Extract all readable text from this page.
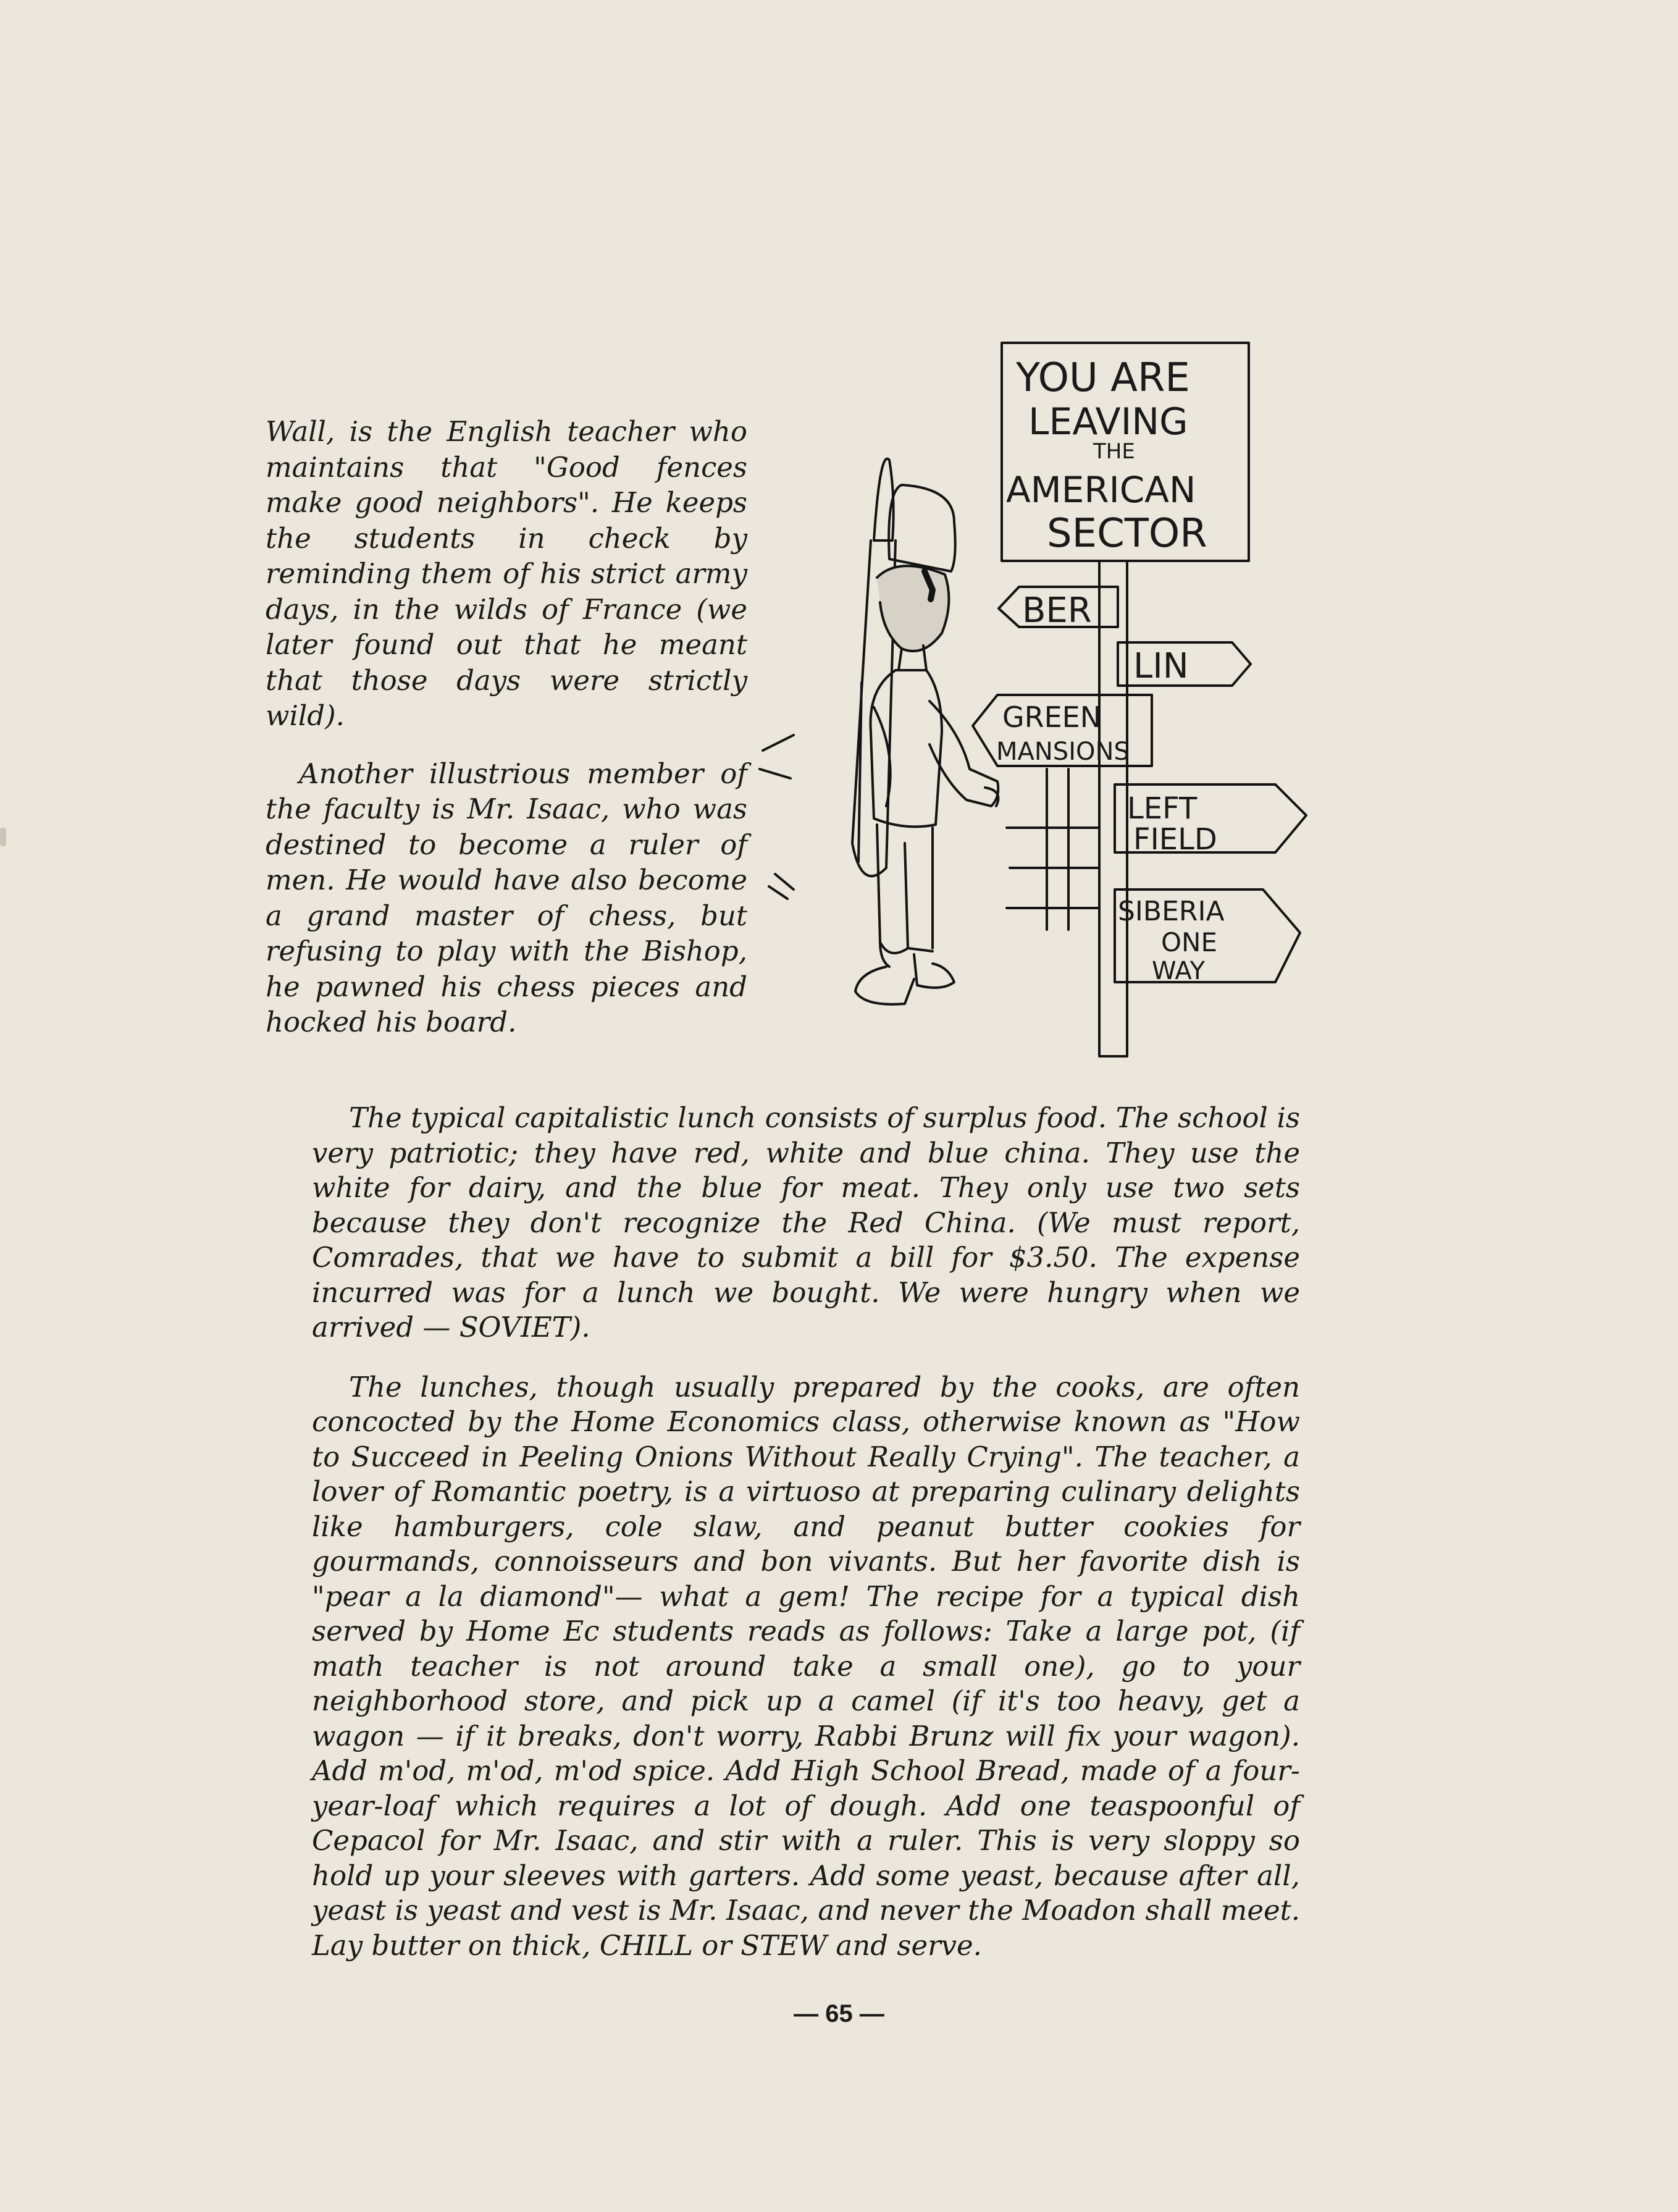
Wall, is the English teacher who maintains that "Good fences make good neighbors". He keeps the students in check by reminding them of his strict army days, in the wilds of France (we later found out that he meant that those days were strictly wild).

Another illustrious member of the faculty is Mr. Isaac, who was destined to become a ruler of men. He would have also become a grand master of chess, but refusing to play with the Bishop, he pawned his chess pieces and hocked his board.

YOU ARE
LEAVING
THE
AMERICAN
SECTOR
BER
LIN
GREEN
MANSIONS
LEFT
FIELD
SIBERIA
ONE
WAY

The typical capitalistic lunch consists of surplus food. The school is very patriotic; they have red, white and blue china. They use the white for dairy, and the blue for meat. They only use two sets because they don't recognize the Red China. (We must report, Comrades, that we have to submit a bill for $3.50. The expense incurred was for a lunch we bought. We were hungry when we arrived — SOVIET).

The lunches, though usually prepared by the cooks, are often concocted by the Home Economics class, otherwise known as "How to Succeed in Peeling Onions Without Really Crying". The teacher, a lover of Romantic poetry, is a virtuoso at preparing culinary delights like hamburgers, cole slaw, and peanut butter cookies for gourmands, connoisseurs and bon vivants. But her favorite dish is "pear a la diamond"— what a gem! The recipe for a typical dish served by Home Ec students reads as follows: Take a large pot, (if math teacher is not around take a small one), go to your neighborhood store, and pick up a camel (if it's too heavy, get a wagon — if it breaks, don't worry, Rabbi Brunz will fix your wagon). Add m'od, m'od, m'od spice. Add High School Bread, made of a four-year-loaf which requires a lot of dough. Add one teaspoonful of Cepacol for Mr. Isaac, and stir with a ruler. This is very sloppy so hold up your sleeves with garters. Add some yeast, because after all, yeast is yeast and vest is Mr. Isaac, and never the Moadon shall meet. Lay butter on thick, CHILL or STEW and serve.

— 65 —
